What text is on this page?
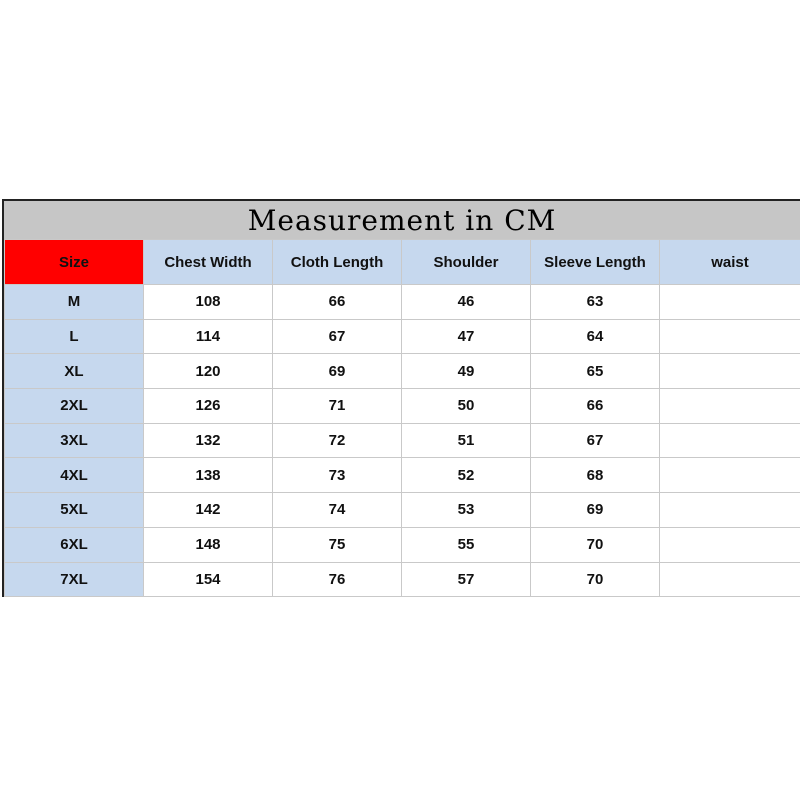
Measurement in CM
Size	Chest Width	Cloth Length	Shoulder	Sleeve Length	waist
M	108	66	46	63	
L	114	67	47	64	
XL	120	69	49	65	
2XL	126	71	50	66	
3XL	132	72	51	67	
4XL	138	73	52	68	
5XL	142	74	53	69	
6XL	148	75	55	70	
7XL	154	76	57	70	
